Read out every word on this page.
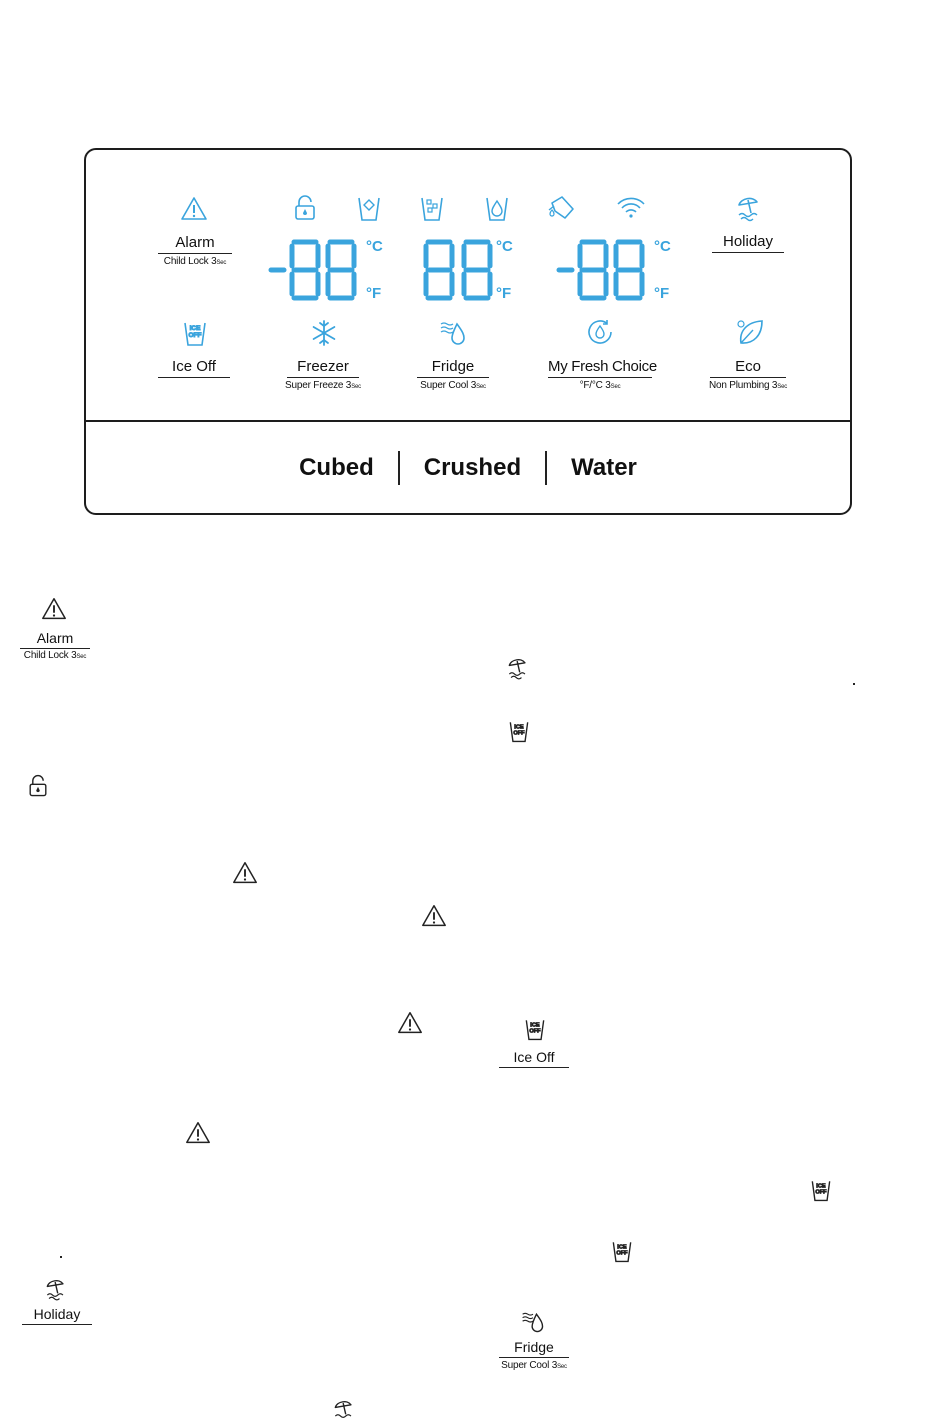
Alarm
Child Lock 3Sec
Holiday
°C
°F
°C
°F
°C
°F
ICE
OFF
Ice Off	Freezer
Super Freeze 3Sec
Fridge
Super Cool 3Sec
My Fresh Choice
°F/°C 3Sec
Eco
Non Plumbing 3Sec
Cubed	Crushed	Water
Alarm
Child Lock 3Sec
ICE
OFF
ICE
OFF
Ice Off
ICE
OFF
ICE
OFF
Holiday
Fridge
Super Cool 3Sec
